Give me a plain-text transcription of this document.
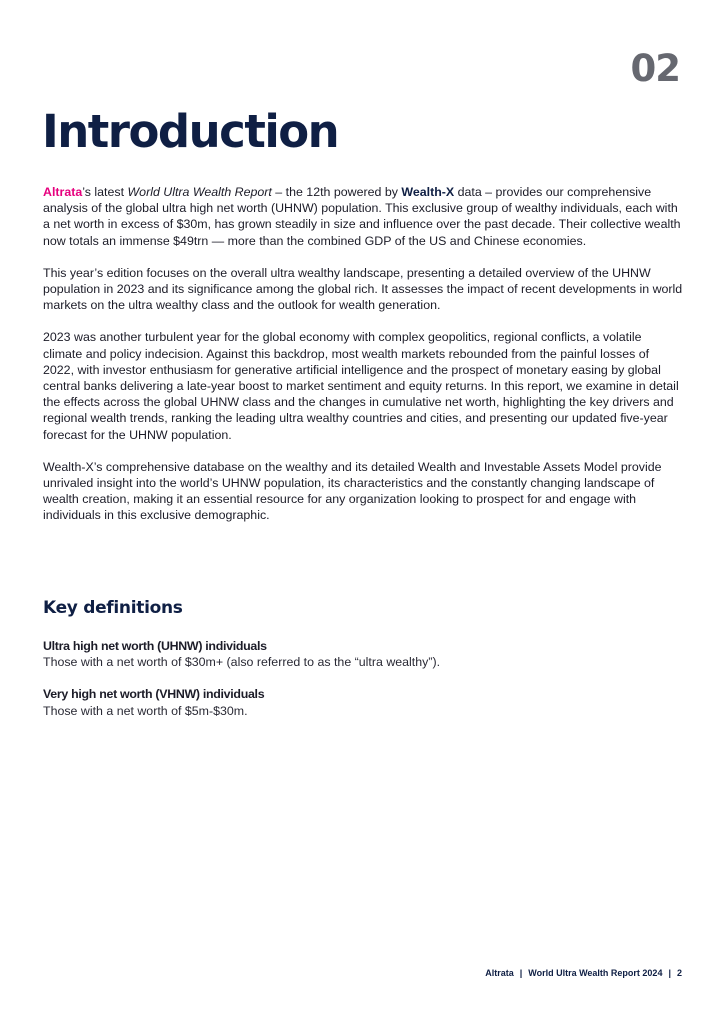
02
Introduction

Altrata’s latest World Ultra Wealth Report – the 12th powered by Wealth-X data – provides our comprehensive analysis of the global ultra high net worth (UHNW) population. This exclusive group of wealthy individuals, each with a net worth in excess of $30m, has grown steadily in size and influence over the past decade. Their collective wealth now totals an immense $49trn — more than the combined GDP of the US and Chinese economies.

This year’s edition focuses on the overall ultra wealthy landscape, presenting a detailed overview of the UHNW population in 2023 and its significance among the global rich. It assesses the impact of recent developments in world markets on the ultra wealthy class and the outlook for wealth generation.

2023 was another turbulent year for the global economy with complex geopolitics, regional conflicts, a volatile climate and policy indecision. Against this backdrop, most wealth markets rebounded from the painful losses of 2022, with investor enthusiasm for generative artificial intelligence and the prospect of monetary easing by global central banks delivering a late-year boost to market sentiment and equity returns. In this report, we examine in detail the effects across the global UHNW class and the changes in cumulative net worth, highlighting the key drivers and regional wealth trends, ranking the leading ultra wealthy countries and cities, and presenting our updated five-year forecast for the UHNW population.

Wealth-X’s comprehensive database on the wealthy and its detailed Wealth and Investable Assets Model provide unrivaled insight into the world’s UHNW population, its characteristics and the constantly changing landscape of wealth creation, making it an essential resource for any organization looking to prospect for and engage with individuals in this exclusive demographic.

Key definitions
Ultra high net worth (UHNW) individuals
Those with a net worth of $30m+ (also referred to as the “ultra wealthy”).
Very high net worth (VHNW) individuals
Those with a net worth of $5m-$30m.
Altrata | World Ultra Wealth Report 2024 | 2
